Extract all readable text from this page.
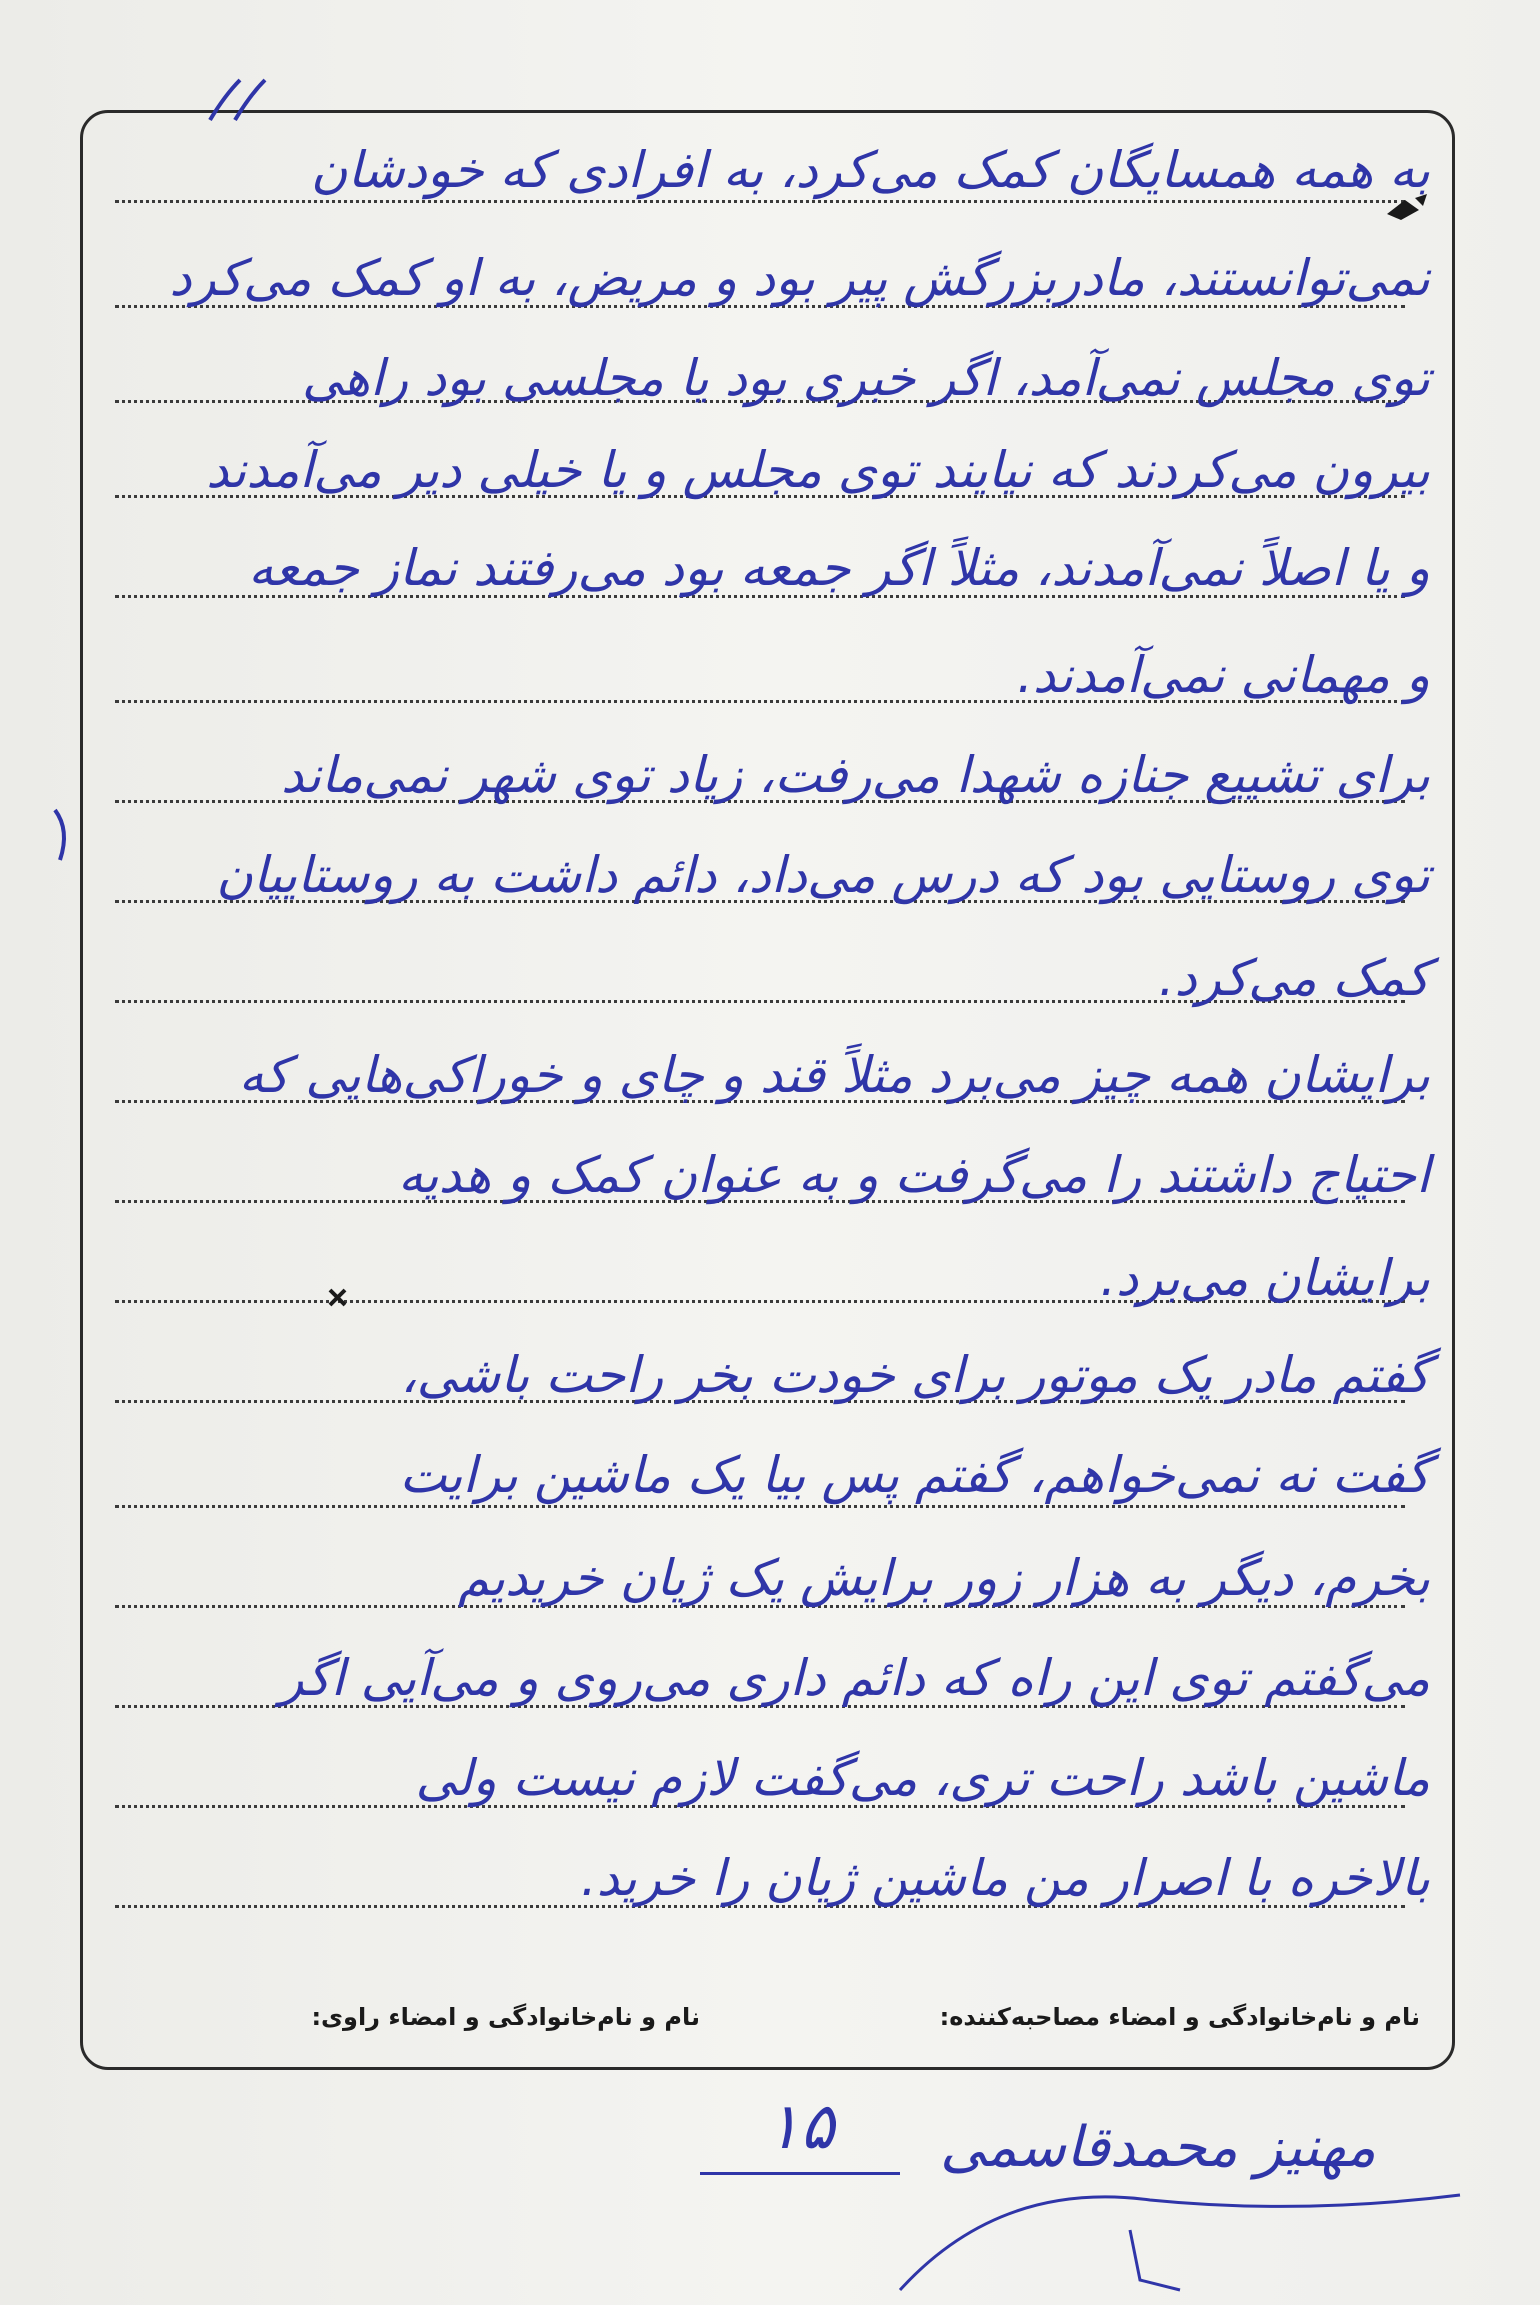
به همه همسایگان کمک می‌کرد، به افرادی که خودشان
نمی‌توانستند، مادربزرگش پیر بود و مریض، به او کمک می‌کرد
توی مجلس نمی‌آمد، اگر خبری بود یا مجلسی بود راهی
بیرون می‌کردند که نیایند توی مجلس و یا خیلی دیر می‌آمدند
و یا اصلاً نمی‌آمدند، مثلاً اگر جمعه بود می‌رفتند نماز جمعه
و مهمانی نمی‌آمدند.
برای تشییع جنازه شهدا می‌رفت، زیاد توی شهر نمی‌ماند
توی روستایی بود که درس می‌داد، دائم داشت به روستاییان
کمک می‌کرد.
برایشان همه چیز می‌برد مثلاً قند و چای و خوراکی‌هایی که
احتیاج داشتند را می‌گرفت و به عنوان کمک و هدیه
برایشان می‌برد.
گفتم مادر یک موتور برای خودت بخر راحت باشی،
گفت نه نمی‌خواهم، گفتم پس بیا یک ماشین برایت
بخرم، دیگر به هزار زور برایش یک ژیان خریدیم
می‌گفتم توی این راه که دائم داری می‌روی و می‌آیی اگر
ماشین باشد راحت تری، می‌گفت لازم نیست ولی
بالاخره با اصرار من ماشین ژیان را خرید.
نام و نام‌خانوادگی و امضاء مصاحبه‌کننده:
نام و نام‌خانوادگی و امضاء راوی:
۱۵	مهنیز محمدقاسمی
